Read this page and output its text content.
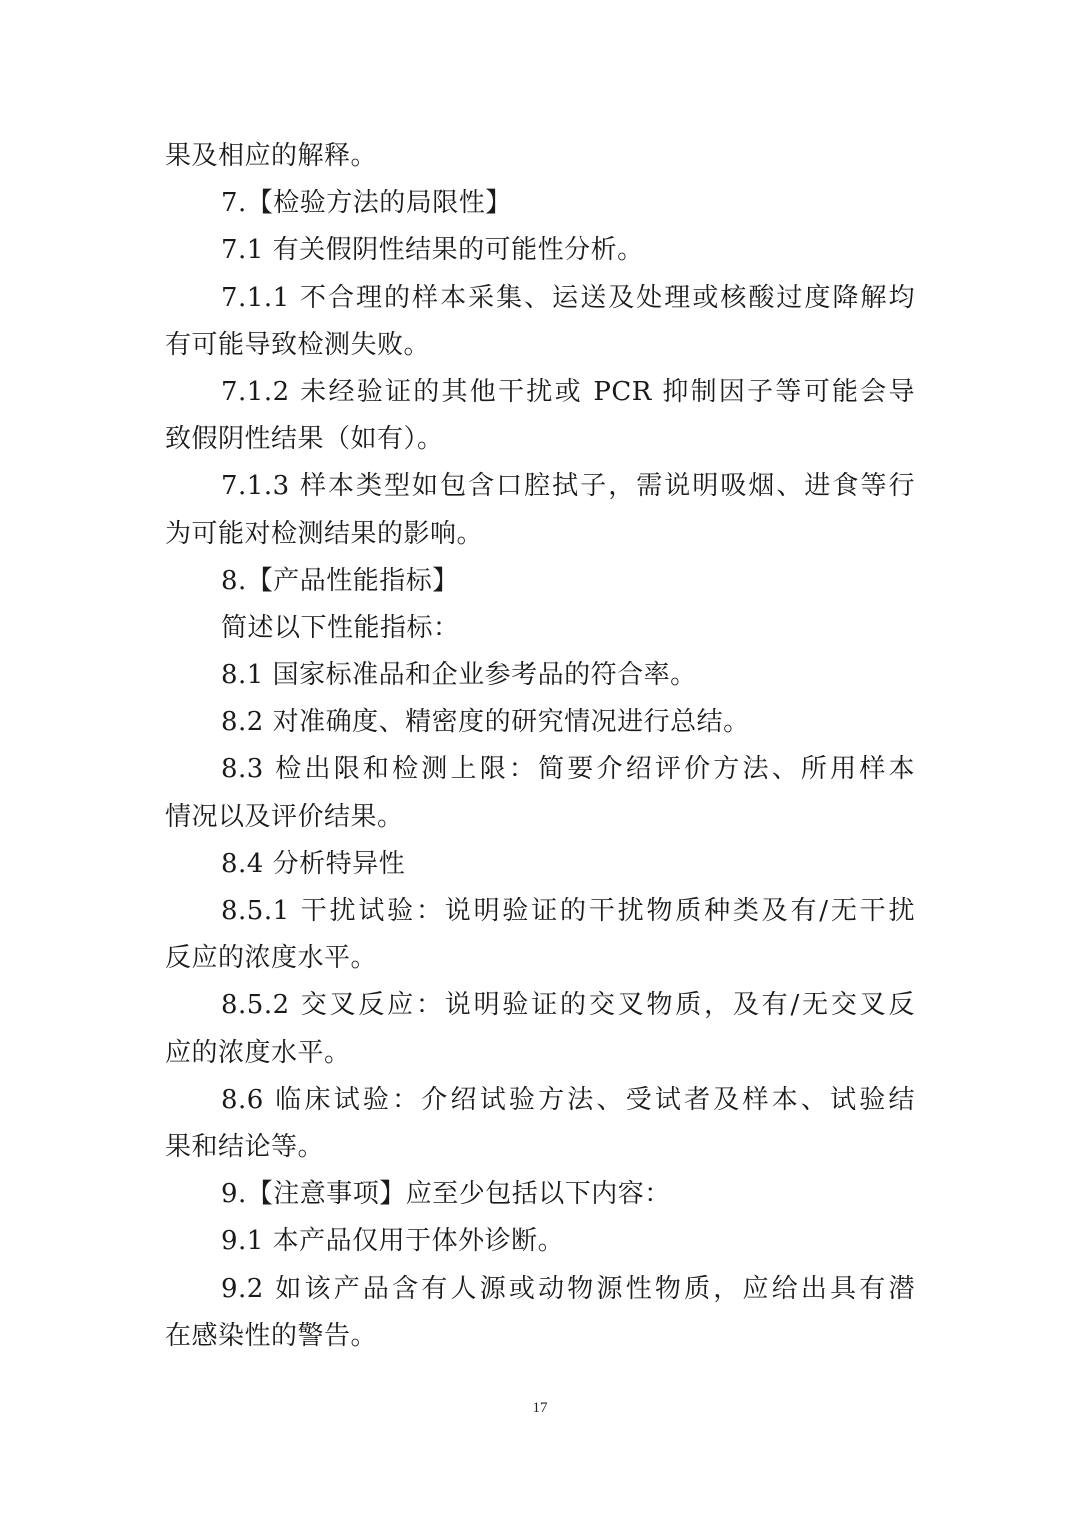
果及相应的解释。
7.【检验方法的局限性】
7.1 有关假阴性结果的可能性分析。
7.1.1 不合理的样本采集、运送及处理或核酸过度降解均
有可能导致检测失败。
7.1.2 未经验证的其他干扰或 PCR 抑制因子等可能会导
致假阴性结果（如有）。
7.1.3 样本类型如包含口腔拭子，需说明吸烟、进食等行
为可能对检测结果的影响。
8.【产品性能指标】
简述以下性能指标：
8.1 国家标准品和企业参考品的符合率。
8.2 对准确度、精密度的研究情况进行总结。
8.3 检出限和检测上限：简要介绍评价方法、所用样本
情况以及评价结果。
8.4 分析特异性
8.5.1 干扰试验：说明验证的干扰物质种类及有/无干扰
反应的浓度水平。
8.5.2 交叉反应：说明验证的交叉物质，及有/无交叉反
应的浓度水平。
8.6 临床试验：介绍试验方法、受试者及样本、试验结
果和结论等。
9.【注意事项】应至少包括以下内容：
9.1 本产品仅用于体外诊断。
9.2 如该产品含有人源或动物源性物质，应给出具有潜
在感染性的警告。
17
